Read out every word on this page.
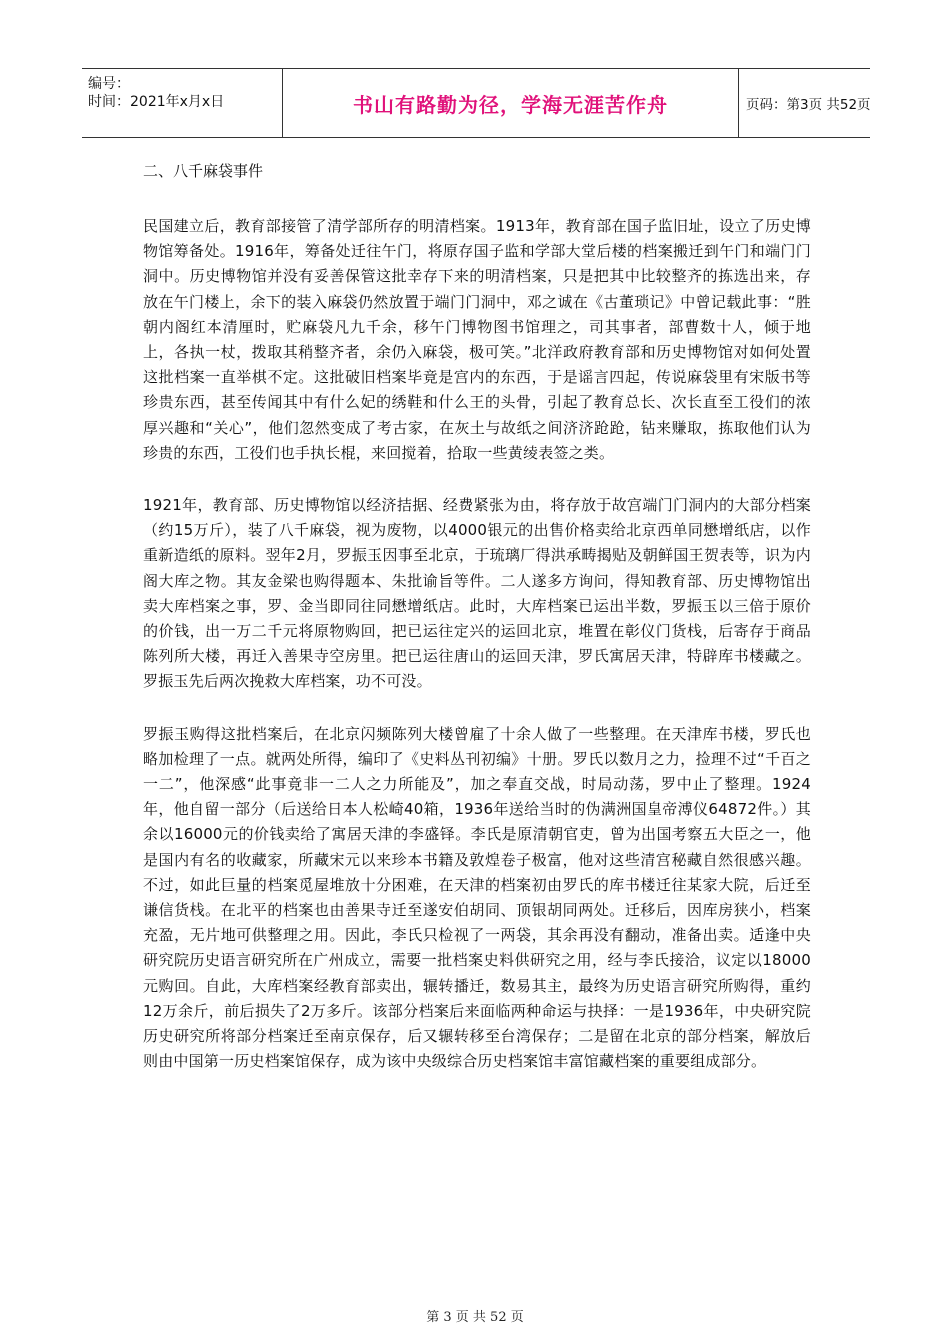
编号：
时间：2021年x月x日	书山有路勤为径，学海无涯苦作舟	页码：第3页 共52页
二、八千麻袋事件

民国建立后，教育部接管了清学部所存的明清档案。1913年，教育部在国子监旧址，设立了历史博物馆筹备处。1916年，筹备处迁往午门，将原存国子监和学部大堂后楼的档案搬迁到午门和端门门洞中。历史博物馆并没有妥善保管这批幸存下来的明清档案，只是把其中比较整齐的拣选出来，存放在午门楼上，余下的装入麻袋仍然放置于端门门洞中，邓之诚在《古董琐记》中曾记载此事：“胜朝内阁红本清厘时，贮麻袋凡九千余，移午门博物图书馆理之，司其事者，部曹数十人，倾于地上，各执一杖，拨取其稍整齐者，余仍入麻袋，极可笑。”北洋政府教育部和历史博物馆对如何处置这批档案一直举棋不定。这批破旧档案毕竟是宫内的东西，于是谣言四起，传说麻袋里有宋版书等珍贵东西，甚至传闻其中有什么妃的绣鞋和什么王的头骨，引起了教育总长、次长直至工役们的浓厚兴趣和“关心”，他们忽然变成了考古家，在灰土与故纸之间济济跄跄，钻来赚取，拣取他们认为珍贵的东西，工役们也手执长棍，来回搅着，拾取一些黄绫表签之类。

1921年，教育部、历史博物馆以经济拮据、经费紧张为由，将存放于故宫端门门洞内的大部分档案（约15万斤），装了八千麻袋，视为废物，以4000银元的出售价格卖给北京西单同懋增纸店，以作重新造纸的原料。翌年2月，罗振玉因事至北京，于琉璃厂得洪承畴揭贴及朝鲜国王贺表等，识为内阁大库之物。其友金梁也购得题本、朱批谕旨等件。二人遂多方询问，得知教育部、历史博物馆出卖大库档案之事，罗、金当即同往同懋增纸店。此时，大库档案已运出半数，罗振玉以三倍于原价的价钱，出一万二千元将原物购回，把已运往定兴的运回北京，堆置在彰仪门货栈，后寄存于商品陈列所大楼，再迁入善果寺空房里。把已运往唐山的运回天津，罗氏寓居天津，特辟库书楼藏之。罗振玉先后两次挽救大库档案，功不可没。

罗振玉购得这批档案后，在北京闪频陈列大楼曾雇了十余人做了一些整理。在天津库书楼，罗氏也略加检理了一点。就两处所得，编印了《史料丛刊初编》十册。罗氏以数月之力，捡理不过“千百之一二”，他深感“此事竟非一二人之力所能及”，加之奉直交战，时局动荡，罗中止了整理。1924年，他自留一部分（后送给日本人松崎40箱，1936年送给当时的伪满洲国皇帝溥仪64872件。）其余以16000元的价钱卖给了寓居天津的李盛铎。李氏是原清朝官吏，曾为出国考察五大臣之一，他是国内有名的收藏家，所藏宋元以来珍本书籍及敦煌卷子极富，他对这些清宫秘藏自然很感兴趣。不过，如此巨量的档案觅屋堆放十分困难，在天津的档案初由罗氏的库书楼迁往某家大院，后迁至谦信货栈。在北平的档案也由善果寺迁至遂安伯胡同、顶银胡同两处。迁移后，因库房狭小，档案充盈，无片地可供整理之用。因此，李氏只检视了一两袋，其余再没有翻动，准备出卖。适逢中央研究院历史语言研究所在广州成立，需要一批档案史料供研究之用，经与李氏接洽，议定以18000元购回。自此，大库档案经教育部卖出，辗转播迁，数易其主，最终为历史语言研究所购得，重约12万余斤，前后损失了2万多斤。该部分档案后来面临两种命运与抉择：一是1936年，中央研究院历史研究所将部分档案迁至南京保存，后又辗转移至台湾保存；二是留在北京的部分档案，解放后则由中国第一历史档案馆保存，成为该中央级综合历史档案馆丰富馆藏档案的重要组成部分。

第 3 页 共 52 页
